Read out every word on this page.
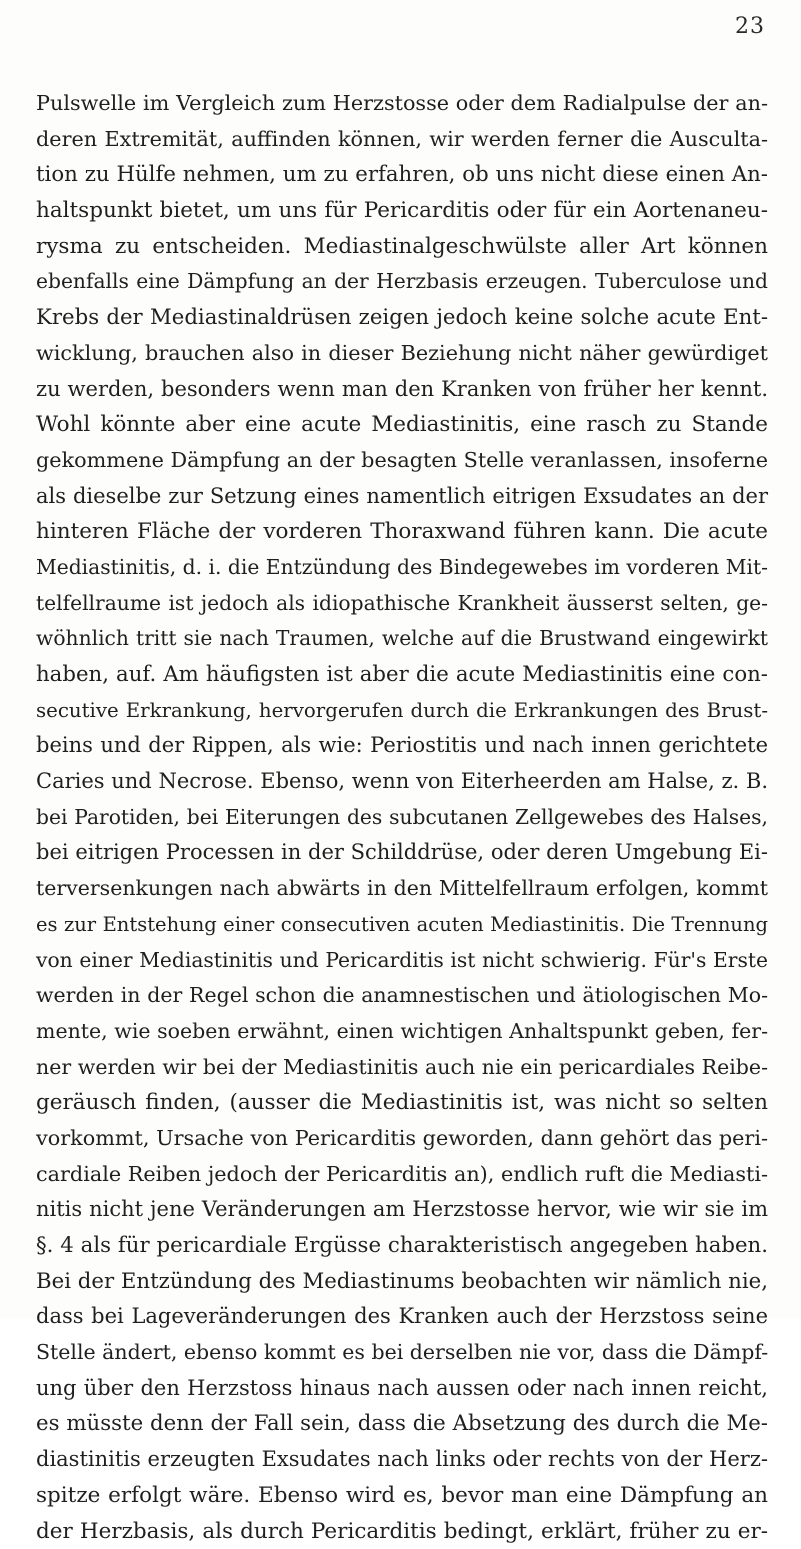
23
Pulswelle im Vergleich zum Herzstosse oder dem Radialpulse der an-
deren Extremität, auffinden können, wir werden ferner die Ausculta-
tion zu Hülfe nehmen, um zu erfahren, ob uns nicht diese einen An-
haltspunkt bietet, um uns für Pericarditis oder für ein Aortenaneu-
rysma zu entscheiden. Mediastinalgeschwülste aller Art können
ebenfalls eine Dämpfung an der Herzbasis erzeugen. Tuberculose und
Krebs der Mediastinaldrüsen zeigen jedoch keine solche acute Ent-
wicklung, brauchen also in dieser Beziehung nicht näher gewürdiget
zu werden, besonders wenn man den Kranken von früher her kennt.
Wohl könnte aber eine acute Mediastinitis, eine rasch zu Stande
gekommene Dämpfung an der besagten Stelle veranlassen, insoferne
als dieselbe zur Setzung eines namentlich eitrigen Exsudates an der
hinteren Fläche der vorderen Thoraxwand führen kann. Die acute
Mediastinitis, d. i. die Entzündung des Bindegewebes im vorderen Mit-
telfellraume ist jedoch als idiopathische Krankheit äusserst selten, ge-
wöhnlich tritt sie nach Traumen, welche auf die Brustwand eingewirkt
haben, auf. Am häufigsten ist aber die acute Mediastinitis eine con-
secutive Erkrankung, hervorgerufen durch die Erkrankungen des Brust-
beins und der Rippen, als wie: Periostitis und nach innen gerichtete
Caries und Necrose. Ebenso, wenn von Eiterheerden am Halse, z. B.
bei Parotiden, bei Eiterungen des subcutanen Zellgewebes des Halses,
bei eitrigen Processen in der Schilddrüse, oder deren Umgebung Ei-
terversenkungen nach abwärts in den Mittelfellraum erfolgen, kommt
es zur Entstehung einer consecutiven acuten Mediastinitis. Die Trennung
von einer Mediastinitis und Pericarditis ist nicht schwierig. Für's Erste
werden in der Regel schon die anamnestischen und ätiologischen Mo-
mente, wie soeben erwähnt, einen wichtigen Anhaltspunkt geben, fer-
ner werden wir bei der Mediastinitis auch nie ein pericardiales Reibe-
geräusch finden, (ausser die Mediastinitis ist, was nicht so selten
vorkommt, Ursache von Pericarditis geworden, dann gehört das peri-
cardiale Reiben jedoch der Pericarditis an), endlich ruft die Mediasti-
nitis nicht jene Veränderungen am Herzstosse hervor, wie wir sie im
§. 4 als für pericardiale Ergüsse charakteristisch angegeben haben.
Bei der Entzündung des Mediastinums beobachten wir nämlich nie,
dass bei Lageveränderungen des Kranken auch der Herzstoss seine
Stelle ändert, ebenso kommt es bei derselben nie vor, dass die Dämpf-
ung über den Herzstoss hinaus nach aussen oder nach innen reicht,
es müsste denn der Fall sein, dass die Absetzung des durch die Me-
diastinitis erzeugten Exsudates nach links oder rechts von der Herz-
spitze erfolgt wäre. Ebenso wird es, bevor man eine Dämpfung an
der Herzbasis, als durch Pericarditis bedingt, erklärt, früher zu er-
